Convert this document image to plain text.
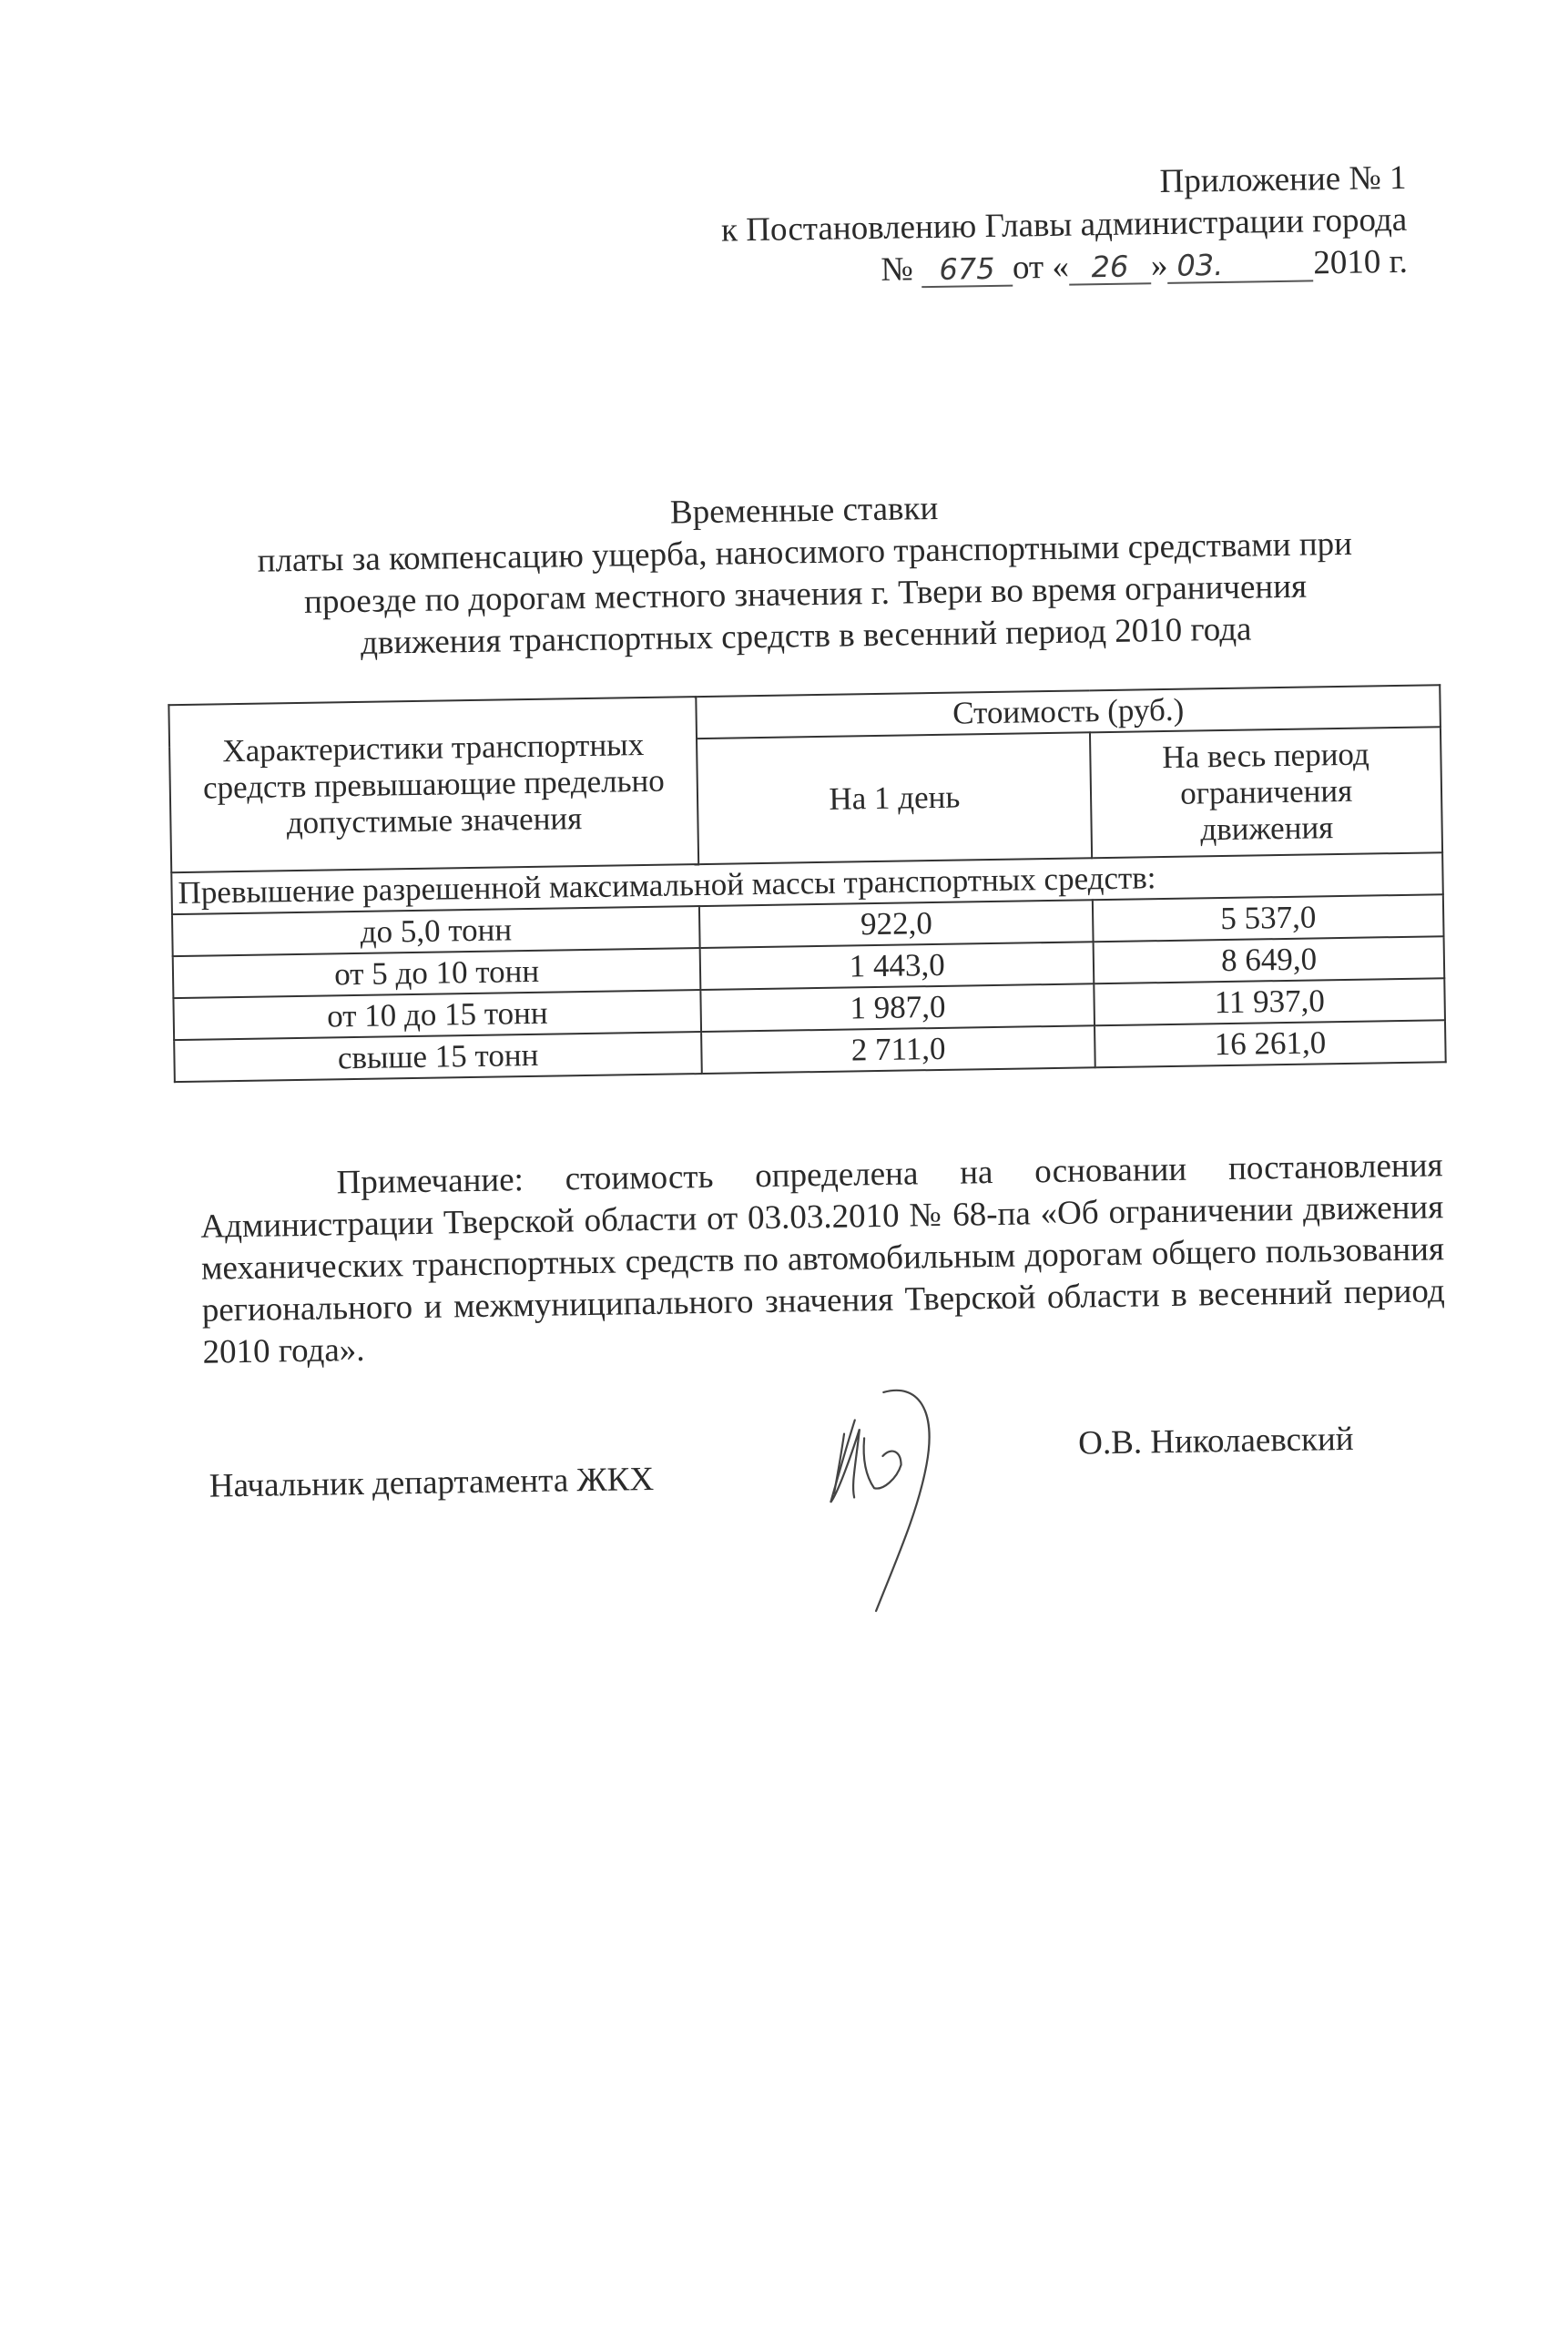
Приложение № 1
к Постановлению Главы администрации города
№ 675 от « 26 » 03.	2010 г.
Временные ставки
платы за компенсацию ущерба, наносимого транспортными средствами при
проезде по дорогам местного значения г. Твери во время ограничения
движения транспортных средств в весенний период 2010 года
Характеристики транспортных средств превышающие предельно допустимые значения	Стоимость (руб.)	
	На 1 день	На весь период ограничения движения
Превышение разрешенной максимальной массы транспортных средств:		
до 5,0 тонн	922,0	5 537,0
от 5 до 10 тонн	1 443,0	8 649,0
от 10 до 15 тонн	1 987,0	11 937,0
свыше 15 тонн	2 711,0	16 261,0
Примечание: стоимость определена на основании постановления Администрации Тверской области от 03.03.2010 № 68-па «Об ограничении движения механических транспортных средств по автомобильным дорогам общего пользования регионального и межмуниципального значения Тверской области в весенний период 2010 года».
Начальник департамента ЖКХ
О.В. Николаевский
